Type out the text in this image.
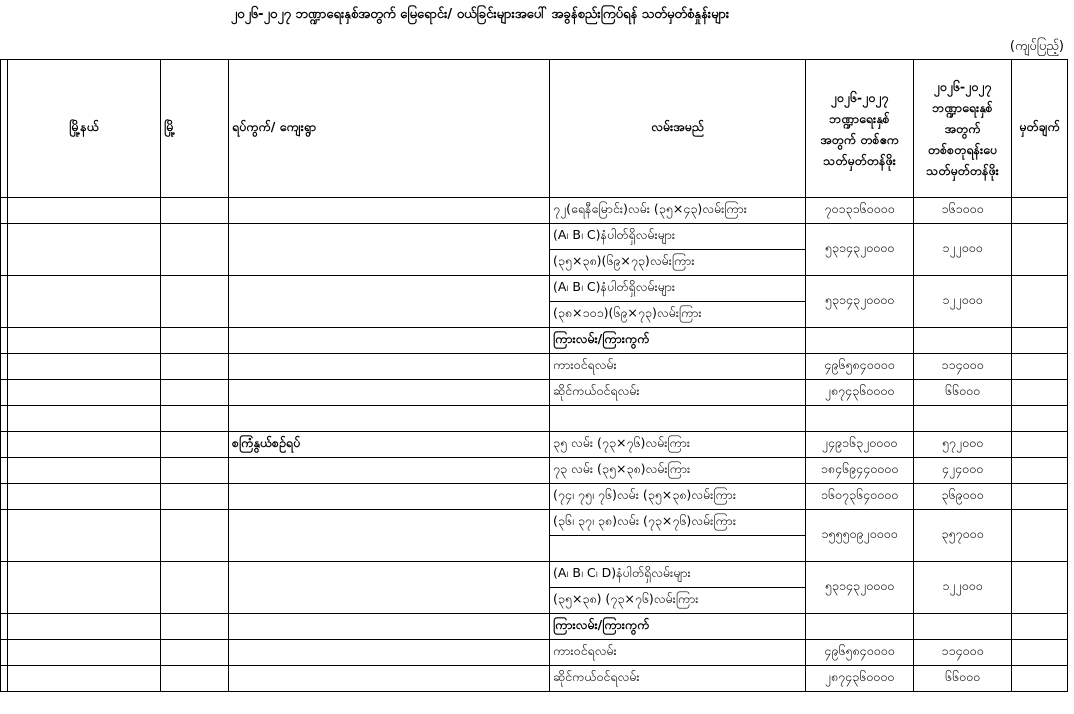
၂၀၂၆-၂၀၂၇ ဘဏ္ဍာရေးနှစ်အတွက် မြေရောင်း/ ဝယ်ခြင်းများအပေါ် အခွန်စည်းကြပ်ရန် သတ်မှတ်စံနှုန်းများ
(ကျပ်ပြည့်)
	မြို့နယ်	မြို့	ရပ်ကွက်/ ကျေးရွာ	လမ်းအမည်	၂၀၂၆-၂၀၂၇
ဘဏ္ဍာရေးနှစ်
အတွက် တစ်ဧက
သတ်မှတ်တန်ဖိုး	၂၀၂၆-၂၀၂၇
ဘဏ္ဍာရေးနှစ်
အတွက်
တစ်စတုရန်းပေ
သတ်မှတ်တန်ဖိုး	မှတ်ချက်
				၇၂(ရေနီမြောင်း)လမ်း (၃၅×၄၃)လမ်းကြား	၇၀၁၃၁၆၀၀၀၀	၁၆၁၀၀၀	
				(A၊ B၊ C)နံပါတ်ရှိလမ်းများ	၅၃၁၄၃၂၀၀၀၀	၁၂၂၀၀၀	
				(၃၅×၃၈)(၆၉×၇၃)လမ်းကြား			
				(A၊ B၊ C)နံပါတ်ရှိလမ်းများ	၅၃၁၄၃၂၀၀၀၀	၁၂၂၀၀၀	
				(၃၈×၁၀၁)(၆၉×၇၃)လမ်းကြား			
				ကြားလမ်း/ကြားကွက်			
				ကားဝင်ရလမ်း	၄၉၆၅၈၄၀၀၀၀	၁၁၄၀၀၀	
				ဆိုင်ကယ်ဝင်ရလမ်း	၂၈၇၄၃၆၀၀၀၀	၆၆၀၀၀	

			စကြံနွယ်စဉ်ရပ်	၃၅ လမ်း (၇၃×၇၆)လမ်းကြား	၂၄၉၁၆၃၂၀၀၀၀	၅၇၂၀၀၀	
				၇၃ လမ်း (၃၅×၃၈)လမ်းကြား	၁၈၄၆၉၄၄၀၀၀၀	၄၂၄၀၀၀	
				(၇၄၊ ၇၅၊ ၇၆)လမ်း (၃၅×၃၈)လမ်းကြား	၁၆၀၇၃၆၄၀၀၀၀	၃၆၉၀၀၀	
				(၃၆၊ ၃၇၊ ၃၈)လမ်း (၇၃×၇၆)လမ်းကြား	၁၅၅၅၀၉၂၀၀၀၀	၃၅၇၀၀၀	

				(A၊ B၊ C၊ D)နံပါတ်ရှိလမ်းများ	၅၃၁၄၃၂၀၀၀၀	၁၂၂၀၀၀	
				(၃၅×၃၈) (၇၃×၇၆)လမ်းကြား			
				ကြားလမ်း/ကြားကွက်			
				ကားဝင်ရလမ်း	၄၉၆၅၈၄၀၀၀၀	၁၁၄၀၀၀	
				ဆိုင်ကယ်ဝင်ရလမ်း	၂၈၇၄၃၆၀၀၀၀	၆၆၀၀၀	
